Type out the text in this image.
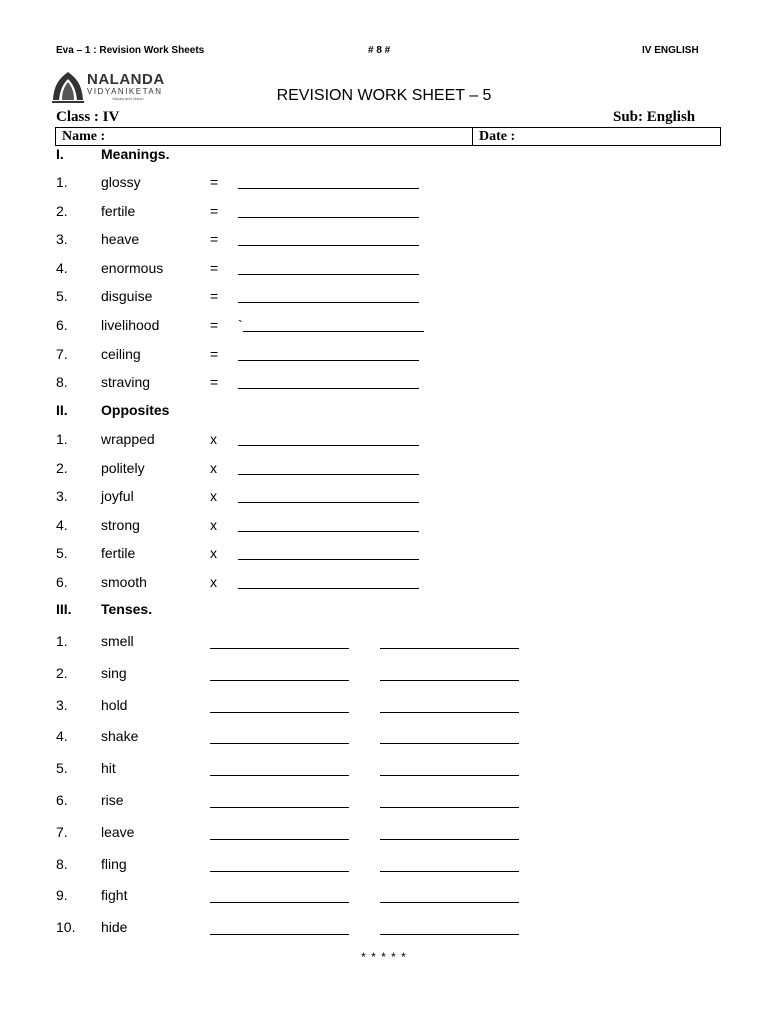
Eva – 1 : Revision Work Sheets	# 8 #	IV ENGLISH
NALANDA
VIDYANIKETAN
Values and Vision	REVISION WORK SHEET – 5
Class : IV	Sub: English
Name :	Date :
I.	Meanings.
1. glossy	=
2. fertile	=
3. heave	=
4. enormous	=
5. disguise	=
6. livelihood	= `
7. ceiling	=
8. straving	=
II. Opposites
1. wrapped	x
2. politely	x
3. joyful	x
4. strong	x
5. fertile	x
6. smooth	x
III. Tenses.
1. smell
2. sing
3. hold
4. shake
5. hit
6. rise
7. leave
8. fling
9. fight
10. hide
* * * * *
